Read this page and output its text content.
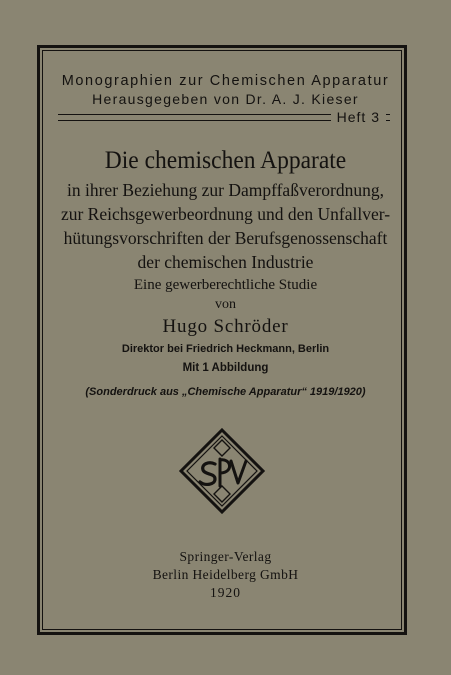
Monographien zur Chemischen Apparatur
Herausgegeben von Dr. A. J. Kieser
Heft 3
Die chemischen Apparate
in ihrer Beziehung zur Dampffaßverordnung,
zur Reichsgewerbeordnung und den Unfallver-
hütungsvorschriften der Berufsgenossenschaft
der chemischen Industrie
Eine gewerberechtliche Studie
von
Hugo Schröder
Direktor bei Friedrich Heckmann, Berlin
Mit 1 Abbildung
(Sonderdruck aus „Chemische Apparatur“ 1919/1920)
Springer-Verlag
Berlin Heidelberg GmbH
1920
